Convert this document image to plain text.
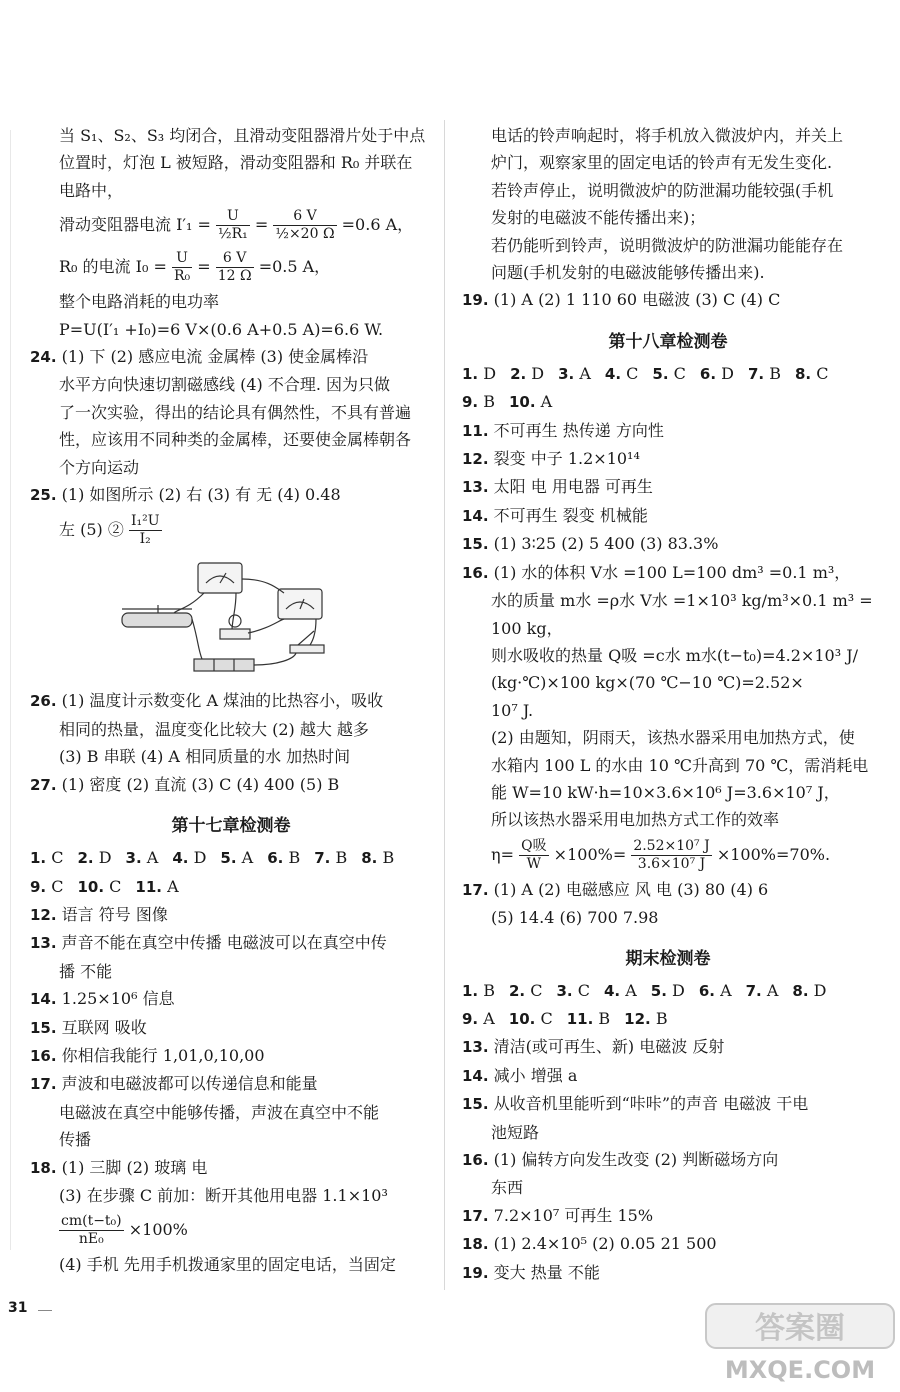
当 S₁、S₂、S₃ 均闭合，且滑动变阻器滑片处于中点
位置时，灯泡 L 被短路，滑动变阻器和 R₀ 并联在
电路中，
滑动变阻器电流 $I'_1 = \frac{U}{\text{½R₁}} = \frac{6 V}{\text{½×20 Ω}} =0.6$ A，
R₀ 的电流 $I_0 = \frac{U}{\text{R₀}} = \frac{6 V}{12 \Omega} =0.5$ A，
整个电路消耗的电功率
P=U(I′₁ +I₀)=6 V×(0.6 A+0.5 A)=6.6 W.
24. (1) 下 (2) 感应电流 金属棒 (3) 使金属棒沿
水平方向快速切割磁感线 (4) 不合理. 因为只做
了一次实验，得出的结论具有偶然性，不具有普遍
性，应该用不同种类的金属棒，还要使金属棒朝各
个方向运动
25. (1) 如图所示 (2) 右 (3) 有 无 (4) 0.48
左 (5) ② $\frac{\text{I₁²U}}{\text{I₂}}$
26. (1) 温度计示数变化 A 煤油的比热容小，吸收
相同的热量，温度变化比较大 (2) 越大 越多
(3) B 串联 (4) A 相同质量的水 加热时间
27. (1) 密度 (2) 直流 (3) C (4) 400 (5) B
第十七章检测卷
1. C 2. D 3. A 4. D 5. A 6. B 7. B 8. B
9. C 10. C 11. A
12. 语言 符号 图像
13. 声音不能在真空中传播 电磁波可以在真空中传
播 不能
14. 1.25×10⁶ 信息
15. 互联网 吸收
16. 你相信我能行 1,01,0,10,00
17. 声波和电磁波都可以传递信息和能量
电磁波在真空中能够传播，声波在真空中不能
传播
18. (1) 三脚 (2) 玻璃 电
(3) 在步骤 C 前加：断开其他用电器 1.1×10³
$\frac{\text{cm(t−t₀)}}{\text{nE₀}} \times 100\%$
(4) 手机 先用手机拨通家里的固定电话，当固定
电话的铃声响起时，将手机放入微波炉内，并关上
炉门，观察家里的固定电话的铃声有无发生变化.
若铃声停止，说明微波炉的防泄漏功能较强(手机
发射的电磁波不能传播出来)；
若仍能听到铃声，说明微波炉的防泄漏功能能存在
问题(手机发射的电磁波能够传播出来).
19. (1) A (2) 1 110 60 电磁波 (3) C (4) C
第十八章检测卷
1. D 2. D 3. A 4. C 5. C 6. D 7. B 8. C
9. B 10. A
11. 不可再生 热传递 方向性
12. 裂变 中子 1.2×10¹⁴
13. 太阳 电 用电器 可再生
14. 不可再生 裂变 机械能
15. (1) 3∶25 (2) 5 400 (3) 83.3%
16. (1) 水的体积 V水 =100 L=100 dm³ =0.1 m³，
水的质量 m水 =ρ水 V水 =1×10³ kg/m³×0.1 m³ =
100 kg，
则水吸收的热量 Q吸 =c水 m水(t−t₀)=4.2×10³ J/
(kg·℃)×100 kg×(70 ℃−10 ℃)=2.52×
10⁷ J.
(2) 由题知，阴雨天，该热水器采用电加热方式，使
水箱内 100 L 的水由 10 ℃升高到 70 ℃，需消耗电
能 W=10 kW·h=10×3.6×10⁶ J=3.6×10⁷ J，
所以该热水器采用电加热方式工作的效率
$\eta= \frac{\text{Q吸}}{W} \times 100\%= \frac{\text{2.52×10⁷ J}}{\text{3.6×10⁷ J}} \times 100\%=70\%$.
17. (1) A (2) 电磁感应 风 电 (3) 80 (4) 6
(5) 14.4 (6) 700 7.98
期末检测卷
1. B 2. C 3. C 4. A 5. D 6. A 7. A 8. D
9. A 10. C 11. B 12. B
13. 清洁(或可再生、新) 电磁波 反射
14. 减小 增强 a
15. 从收音机里能听到“咔咔”的声音 电磁波 干电
池短路
16. (1) 偏转方向发生改变 (2) 判断磁场方向
东西
17. 7.2×10⁷ 可再生 15%
18. (1) 2.4×10⁵ (2) 0.05 21 500
19. 变大 热量 不能
31
答案圈
MXQE.COM
